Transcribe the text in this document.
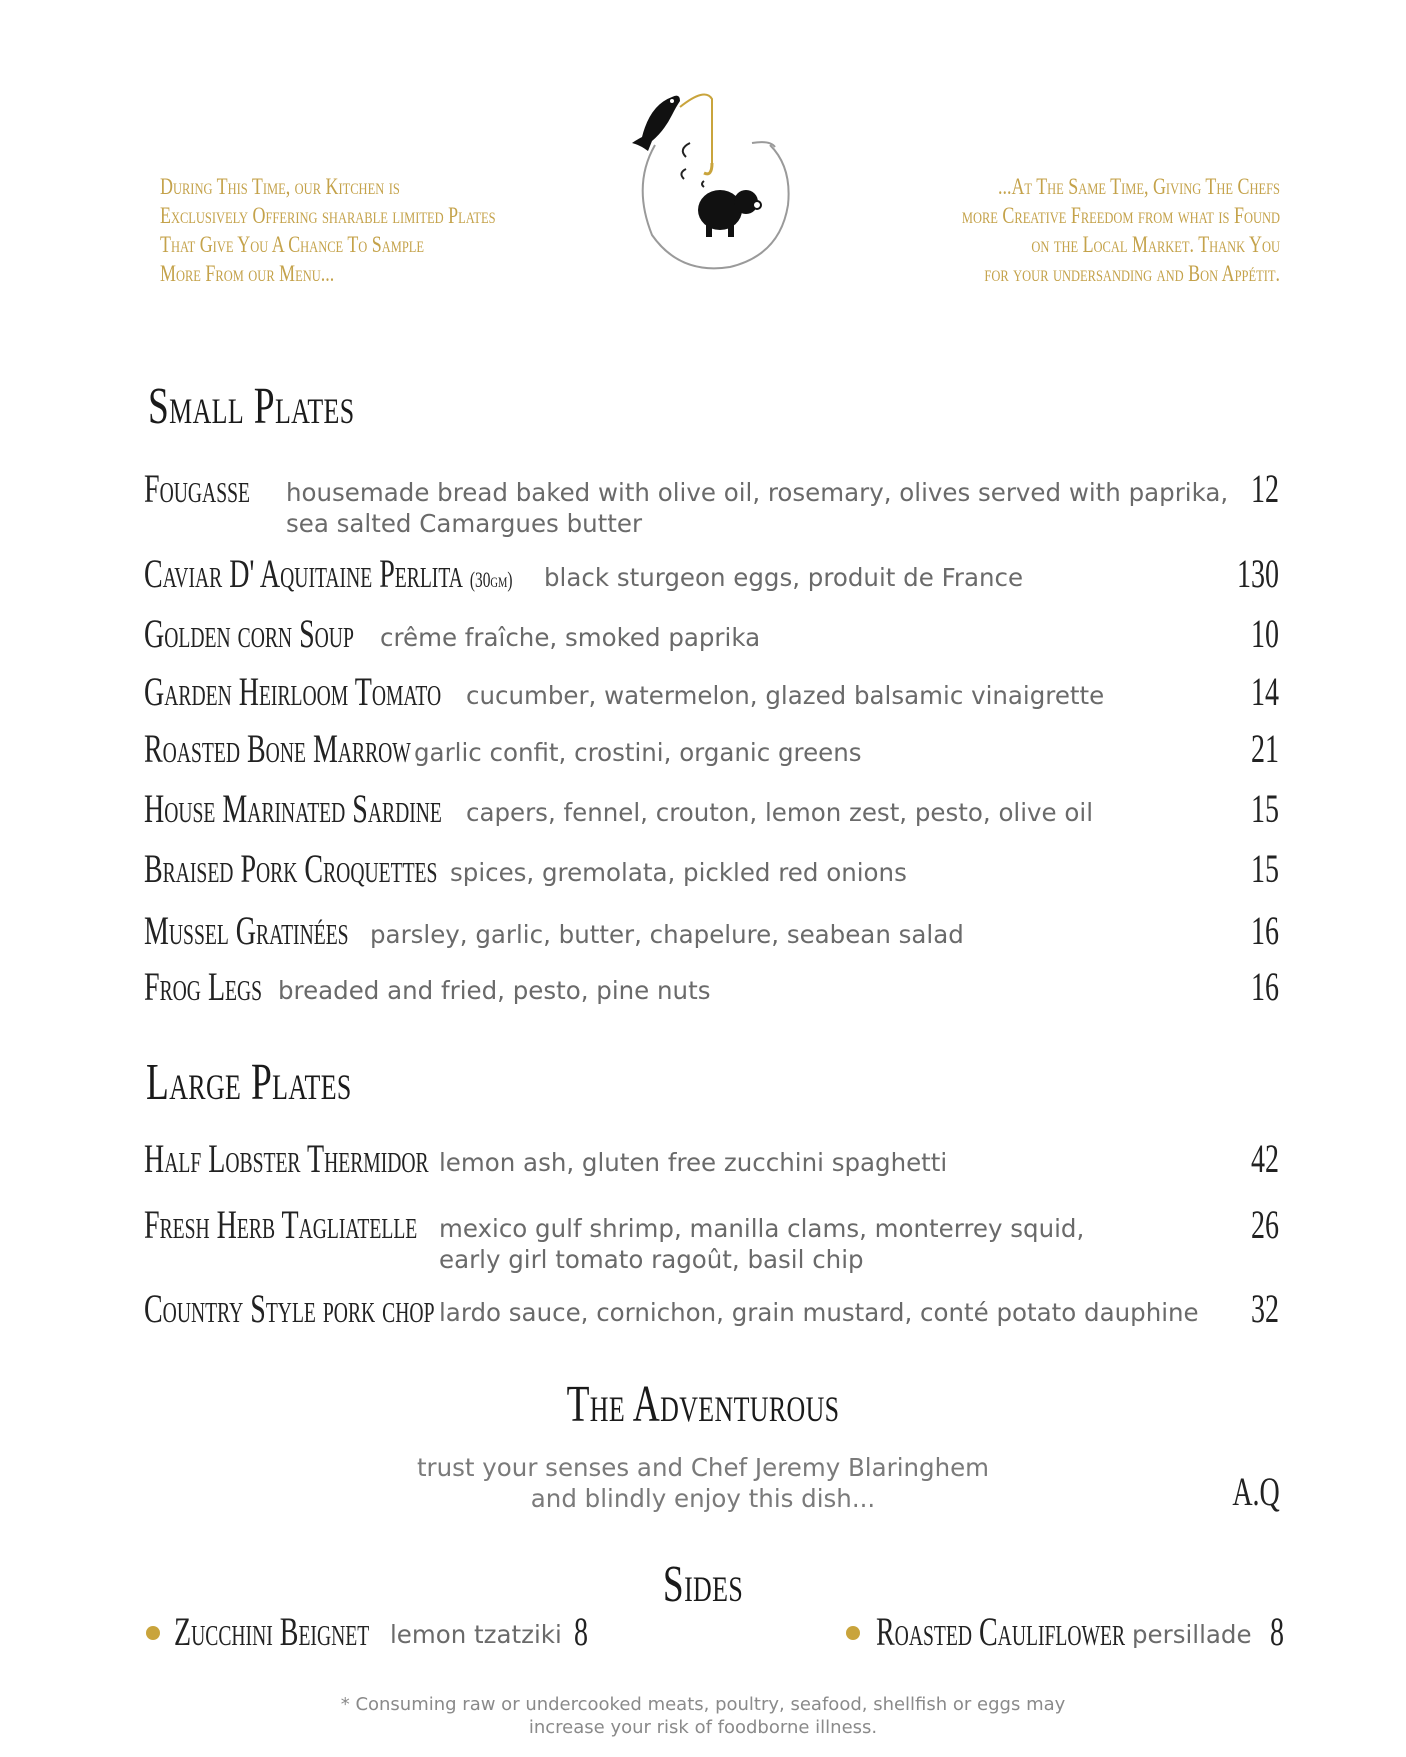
During This Time, our Kitchen is
Exclusively Offering sharable limited Plates
That Give You A Chance To Sample
More From our Menu...
...At The Same Time, Giving The Chefs
more Creative Freedom from what is Found
on the Local Market. Thank You
for your undersanding and Bon Appétit.
Small Plates
Fougasse housemade bread baked with olive oil, rosemary, olives served with paprika,
sea salted Camargues butter
12
Caviar D' Aquitaine Perlita (30gm) black sturgeon eggs, produit de France	130
Golden corn Soup crême fraîche, smoked paprika	10
Garden Heirloom Tomato cucumber, watermelon, glazed balsamic vinaigrette	14
Roasted Bone Marrow garlic confit, crostini, organic greens	21
House Marinated Sardine capers, fennel, crouton, lemon zest, pesto, olive oil	15
Braised Pork Croquettes spices, gremolata, pickled red onions	15
Mussel Gratinées parsley, garlic, butter, chapelure, seabean salad	16
Frog Legs breaded and fried, pesto, pine nuts	16
Large Plates
Half Lobster Thermidor lemon ash, gluten free zucchini spaghetti	42
Fresh Herb Tagliatelle mexico gulf shrimp, manilla clams, monterrey squid,
early girl tomato ragoût, basil chip
26
Country Style pork chop lardo sauce, cornichon, grain mustard, conté potato dauphine 32
The Adventurous
trust your senses and Chef Jeremy Blaringhem
and blindly enjoy this dish...	A.Q
Sides
Zucchini Beignet lemon tzatziki 8	Roasted Cauliflower persillade 8
* Consuming raw or undercooked meats, poultry, seafood, shellfish or eggs may
increase your risk of foodborne illness.
